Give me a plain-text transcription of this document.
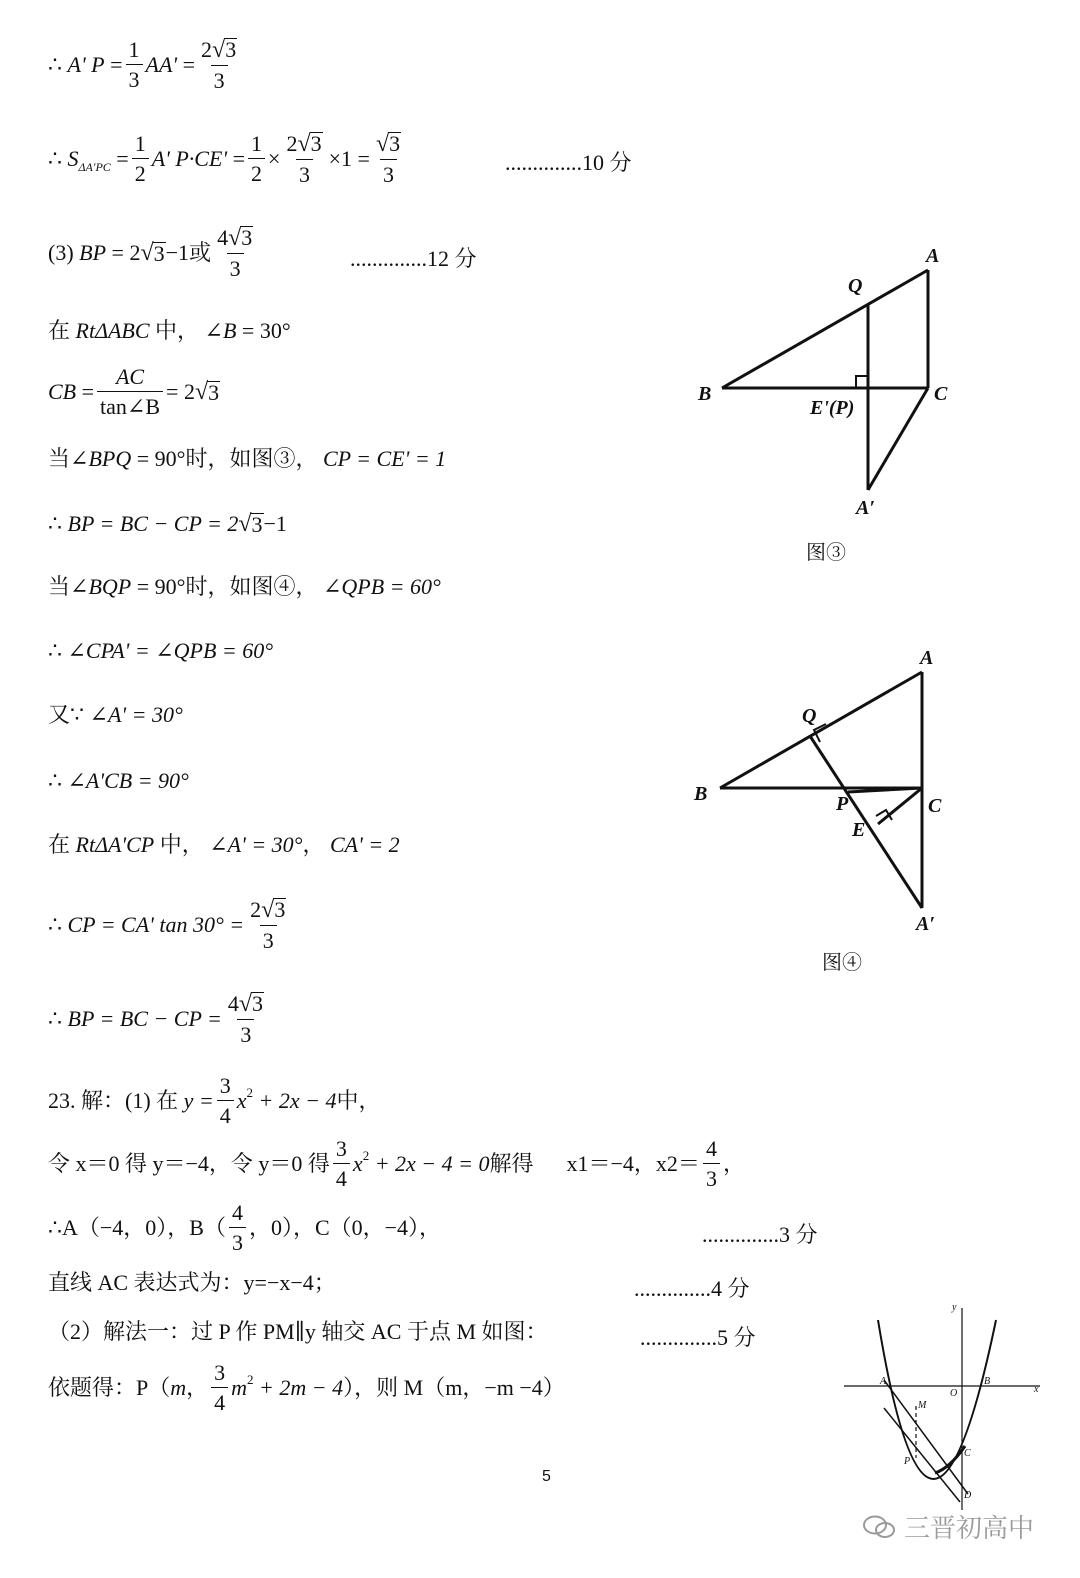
∴
A' P
= $\frac{1}{3} AA'$
= $\frac{2√3}{3}$
∴
S ΔA'PC
= $\frac{1}{2} A'$ P·CE'
= $\frac{1}{2} \times \frac{2√3}{3} \times 1$
= $\frac{√3}{3}$	..............10 分
(3)
BP
=
2 √ 3 −1 或 $\frac{4√3}{3}$	..............12 分
在
RtΔABC
中，
∠B
= 30°
CB
= $\frac{AC}{\tan\angle B} = 2$ √ 3
当 ∠BPQ
= 90° 时，如图③，
CP = CE' = 1
∴
BP = BC − CP = 2 √ 3 −1
当 ∠BQP
= 90° 时，如图④，
∠QPB = 60°
∴
∠CPA' = ∠QPB = 60°
又 ∵
∠A' = 30°
∴
∠A'CB = 90°
在
RtΔA'CP
中，
∠A' = 30° ，
CA' = 2
∴
CP = CA' $\tan 30^\circ = \frac{2√3}{3}$
∴
BP = BC − CP = $\frac{4√3}{3}$
23. 解：(1) 在
$y = \frac{3}{4}$ x 2
+ 2x − 4 中，
令 x＝0 得 y＝−4，令 y＝0 得 $\frac{3}{4}$ x 2
+ 2x − 4 = 0 解得
x1＝−4，$x2= \frac{4}{3}$ ，
∴A（−4，0），$B( \frac{4}{3}$ ，0），C（0，−4），	..............3 分
直线 AC 表达式为：y=−x−4；	..............4 分
（2）解法一：过 P 作 PM∥y 轴交 AC 于点 M 如图：	..............5 分
依题得：P（ m ， $\frac{3}{4}$ m 2
+ 2m − 4 ），则 M（m，−m −4）
A
Q
B
E'(P)
C
A′
图③
A
Q
B	P	C
E
A′
图④
y
x
A
O
B
M
C
P
D
5
三晋初高中
